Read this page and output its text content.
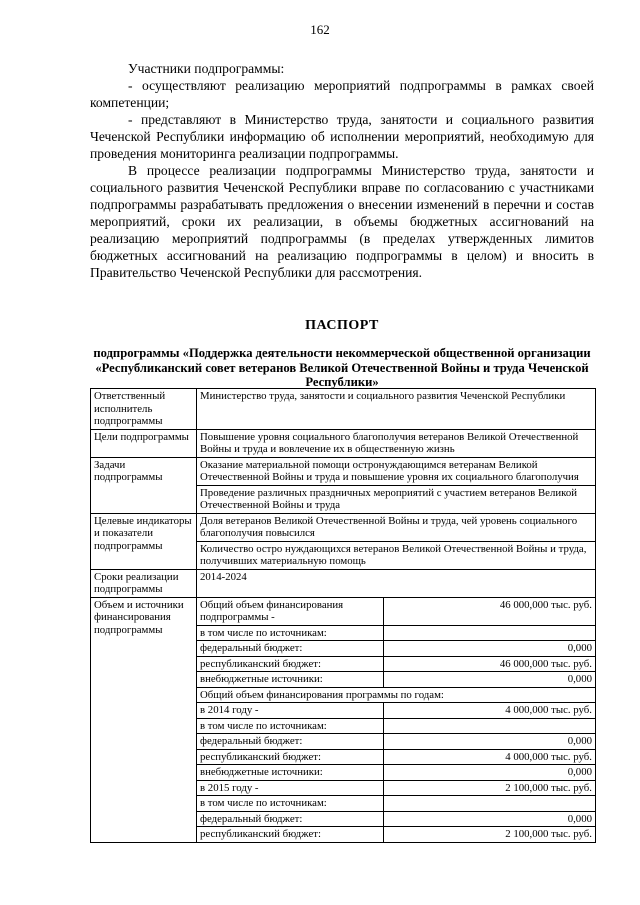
162

Участники подпрограммы:

- осуществляют реализацию мероприятий подпрограммы в рамках своей компетенции;

- представляют в Министерство труда, занятости и социального развития Чеченской Республики информацию об исполнении мероприятий, необходимую для проведения мониторинга реализации подпрограммы.

В процессе реализации подпрограммы Министерство труда, занятости и социального развития Чеченской Республики вправе по согласованию с участниками подпрограммы разрабатывать предложения о внесении изменений в перечни и состав мероприятий, сроки их реализации, в объемы бюджетных ассигнований на реализацию мероприятий подпрограммы (в пределах утвержденных лимитов бюджетных ассигнований на реализацию подпрограммы в целом) и вносить в Правительство Чеченской Республики для рассмотрения.

ПАСПОРТ
подпрограммы «Поддержка деятельности некоммерческой общественной организации «Республиканский совет ветеранов Великой Отечественной Войны и труда Чеченской Республики»
Ответственный исполнитель подпрограммы	Министерство труда, занятости и социального развития Чеченской Республики	
Цели подпрограммы	Повышение уровня социального благополучия ветеранов Великой Отечественной Войны и труда и вовлечение их в общественную жизнь	
Задачи подпрограммы	Оказание материальной помощи остронуждающимся ветеранам Великой Отечественной Войны и труда и повышение уровня их социального благополучия	
	Проведение различных праздничных мероприятий с участием ветеранов Великой Отечественной Войны и труда	
Целевые индикаторы и показатели подпрограммы	Доля ветеранов Великой Отечественной Войны и труда, чей уровень социального благополучия повысился	
	Количество остро нуждающихся ветеранов Великой Отечественной Войны и труда, получивших материальную помощь	
Сроки реализации подпрограммы	2014-2024	
Объем и источники финансирования подпрограммы	Общий объем финансирования подпрограммы -	46 000,000 тыс. руб.
	в том числе по источникам:	
	федеральный бюджет:	0,000
	республиканский бюджет:	46 000,000 тыс. руб.
	внебюджетные источники:	0,000
	Общий объем финансирования программы по годам:	
	в 2014 году -	4 000,000 тыс. руб.
	в том числе по источникам:	
	федеральный бюджет:	0,000
	республиканский бюджет:	4 000,000 тыс. руб.
	внебюджетные источники:	0,000
	в 2015 году -	2 100,000 тыс. руб.
	в том числе по источникам:	
	федеральный бюджет:	0,000
	республиканский бюджет:	2 100,000 тыс. руб.
